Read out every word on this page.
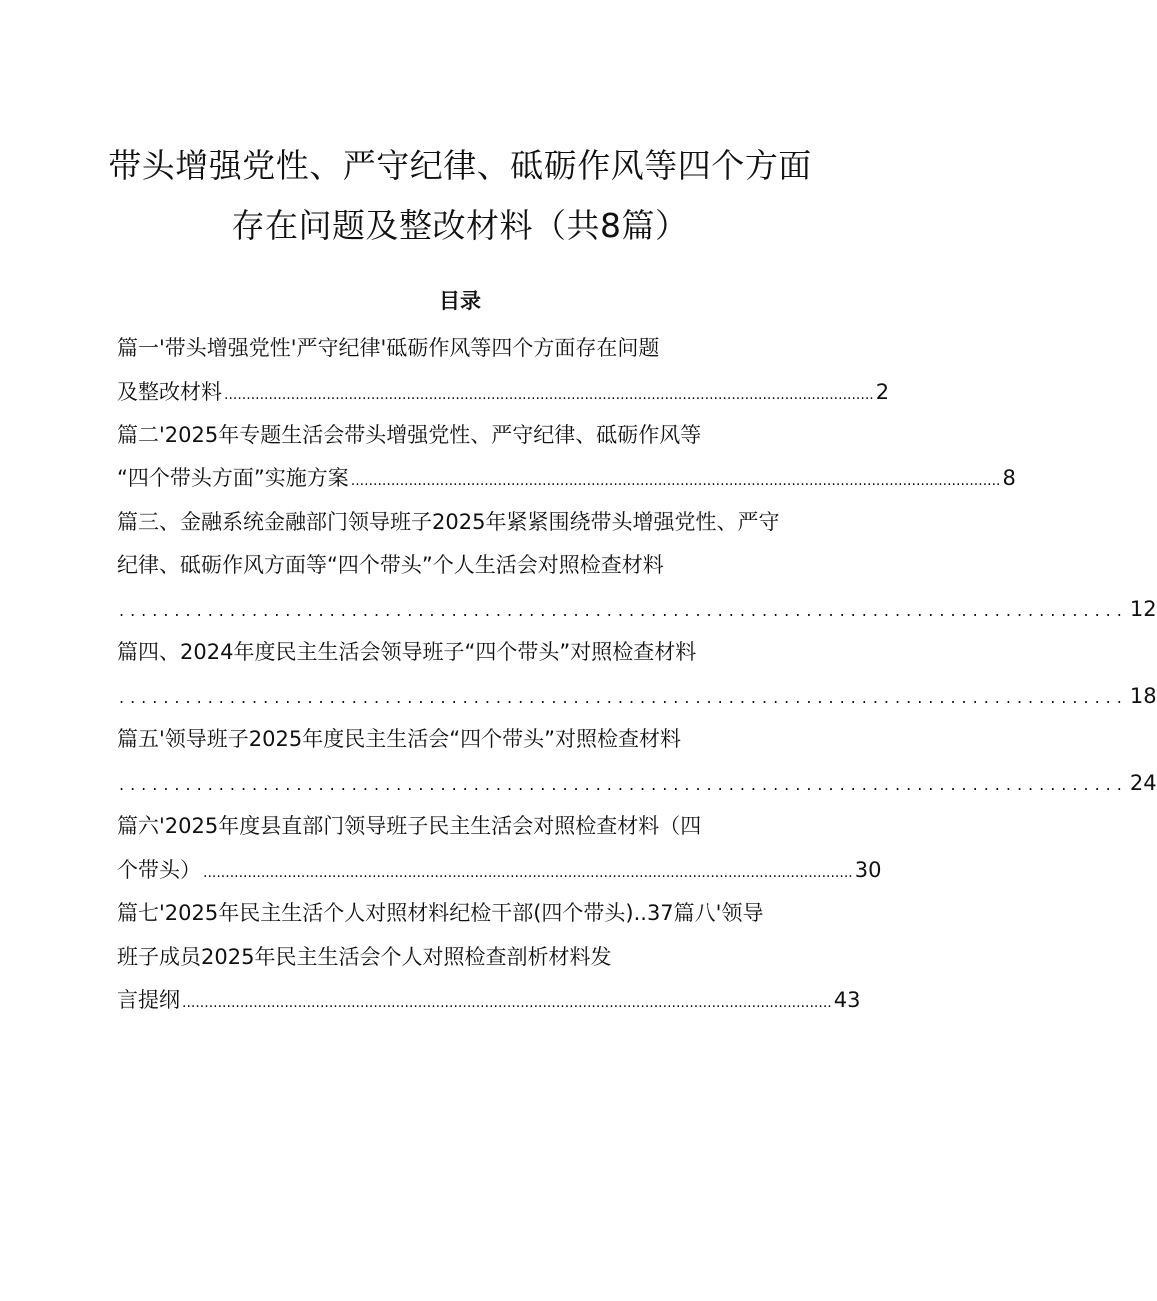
带头增强党性、严守纪律、砥砺作风等四个方面
存在问题及整改材料（共8篇）
目录
篇一'带头增强党性'严守纪律'砥砺作风等四个方面存在问题
及整改材料 .................................................................................................................................................. 2
篇二'2025年专题生活会带头增强党性、严守纪律、砥砺作风等
“四个带头方面”实施方案 .................................................................................................................................................. 8
篇三、金融系统金融部门领导班子2025年紧紧围绕带头增强党性、严守
纪律、砥砺作风方面等“四个带头”个人生活会对照检查材料
........................................................................................... 12
篇四、2024年度民主生活会领导班子“四个带头”对照检查材料
........................................................................................... 18
篇五'领导班子2025年度民主生活会“四个带头”对照检查材料
........................................................................................... 24
篇六'2025年度县直部门领导班子民主生活会对照检查材料（四
个带头） .................................................................................................................................................. 30
篇七'2025年民主生活个人对照材料纪检干部(四个带头)..37篇八'领导
班子成员2025年民主生活会个人对照检查剖析材料发
言提纲 .................................................................................................................................................. 43
